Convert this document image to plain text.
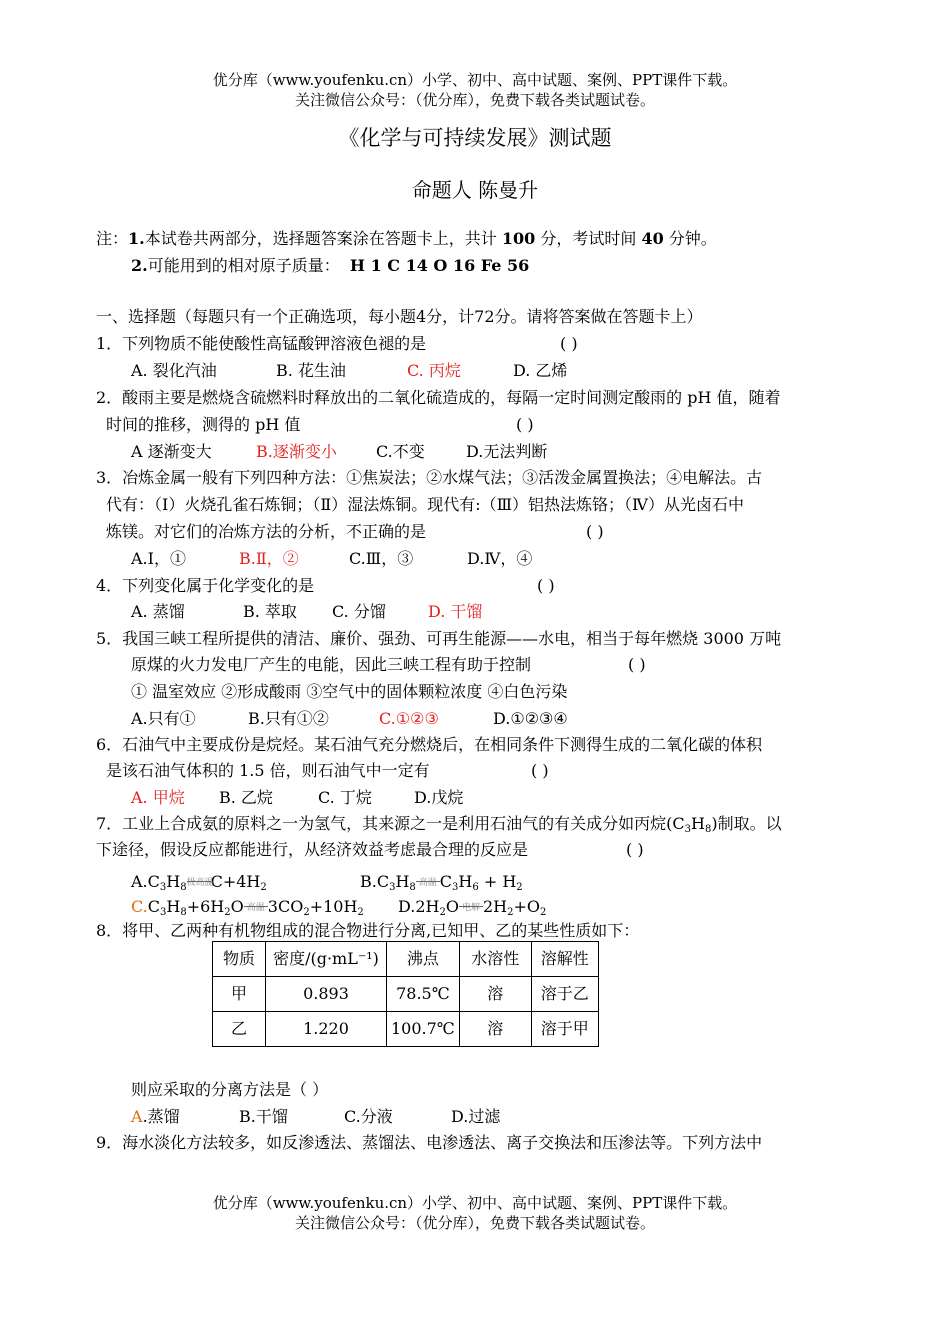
优分库（www.youfenku.cn）小学、初中、高中试题、案例、PPT课件下载。
关注微信公众号：（优分库），免费下载各类试题试卷。
《化学与可持续发展》测试题
命题人 陈曼升
注：1.本试卷共两部分，选择题答案涂在答题卡上，共计 100 分，考试时间 40 分钟。
2.可能用到的相对原子质量： H 1 C 14 O 16 Fe 56
一、选择题（每题只有一个正确选项，每小题4分，计72分。请将答案做在答题卡上）
1．下列物质不能使酸性高锰酸钾溶液色褪的是	( )
A. 裂化汽油	B. 花生油	C. 丙烷	D. 乙烯
2．酸雨主要是燃烧含硫燃料时释放出的二氧化硫造成的，每隔一定时间测定酸雨的 pH 值，随着
时间的推移，测得的 pH 值	( )
A 逐渐变大	B.逐渐变小 C.不变	D.无法判断
3．冶炼金属一般有下列四种方法：①焦炭法；②水煤气法；③活泼金属置换法；④电解法。古
代有：（I）火烧孔雀石炼铜；（Ⅱ）湿法炼铜。现代有:（Ⅲ）铝热法炼铬；（Ⅳ）从光卤石中
炼镁。对它们的冶炼方法的分析，不正确的是	( )
A.Ⅰ，①	B.Ⅱ，②	C.Ⅲ，③	D.Ⅳ，④
4．下列变化属于化学变化的是	( )
A. 蒸馏	B. 萃取 C. 分馏	D. 干馏
5．我国三峡工程所提供的清洁、廉价、强劲、可再生能源——水电，相当于每年燃烧 3000 万吨
原煤的火力发电厂产生的电能，因此三峡工程有助于控制	( )
① 温室效应 ②形成酸雨 ③空气中的固体颗粒浓度 ④白色污染
A.只有①	B.只有①②	C.①②③	D.①②③④
6．石油气中主要成份是烷烃。某石油气充分燃烧后，在相同条件下测得生成的二氧化碳的体积
是该石油气体积的 1.5 倍，则石油气中一定有	( )
A. 甲烷 B. 乙烷	C. 丁烷	D.戊烷
7．工业上合成氨的原料之一为氢气，其来源之一是利用石油气的有关成分如丙烷$(C_3H_8)$制取。以
下途径，假设反应都能进行，从经济效益考虑最合理的反应是	( )
$A.C_3H_8$极高温$C+4H_2$	$B.C_3H_8$ 高温 $C_3H_6 + H_2$
$C.C_3H_8+6H_2O$ 高温 $3CO_2+10H_2$ $D.2H_2O$ 电解 $2H_2+O_2$
8．将甲、乙两种有机物组成的混合物进行分离,已知甲、乙的某些性质如下：
物质	密度/(g·mL⁻¹)	沸点	水溶性	溶解性
甲	0.893	78.5℃	溶	溶于乙
乙	1.220	100.7℃	溶	溶于甲
则应采取的分离方法是（ ）
A.蒸馏	B.干馏	C.分液	D.过滤
9．海水淡化方法较多，如反渗透法、蒸馏法、电渗透法、离子交换法和压渗法等。下列方法中
优分库（www.youfenku.cn）小学、初中、高中试题、案例、PPT课件下载。
关注微信公众号：（优分库），免费下载各类试题试卷。
